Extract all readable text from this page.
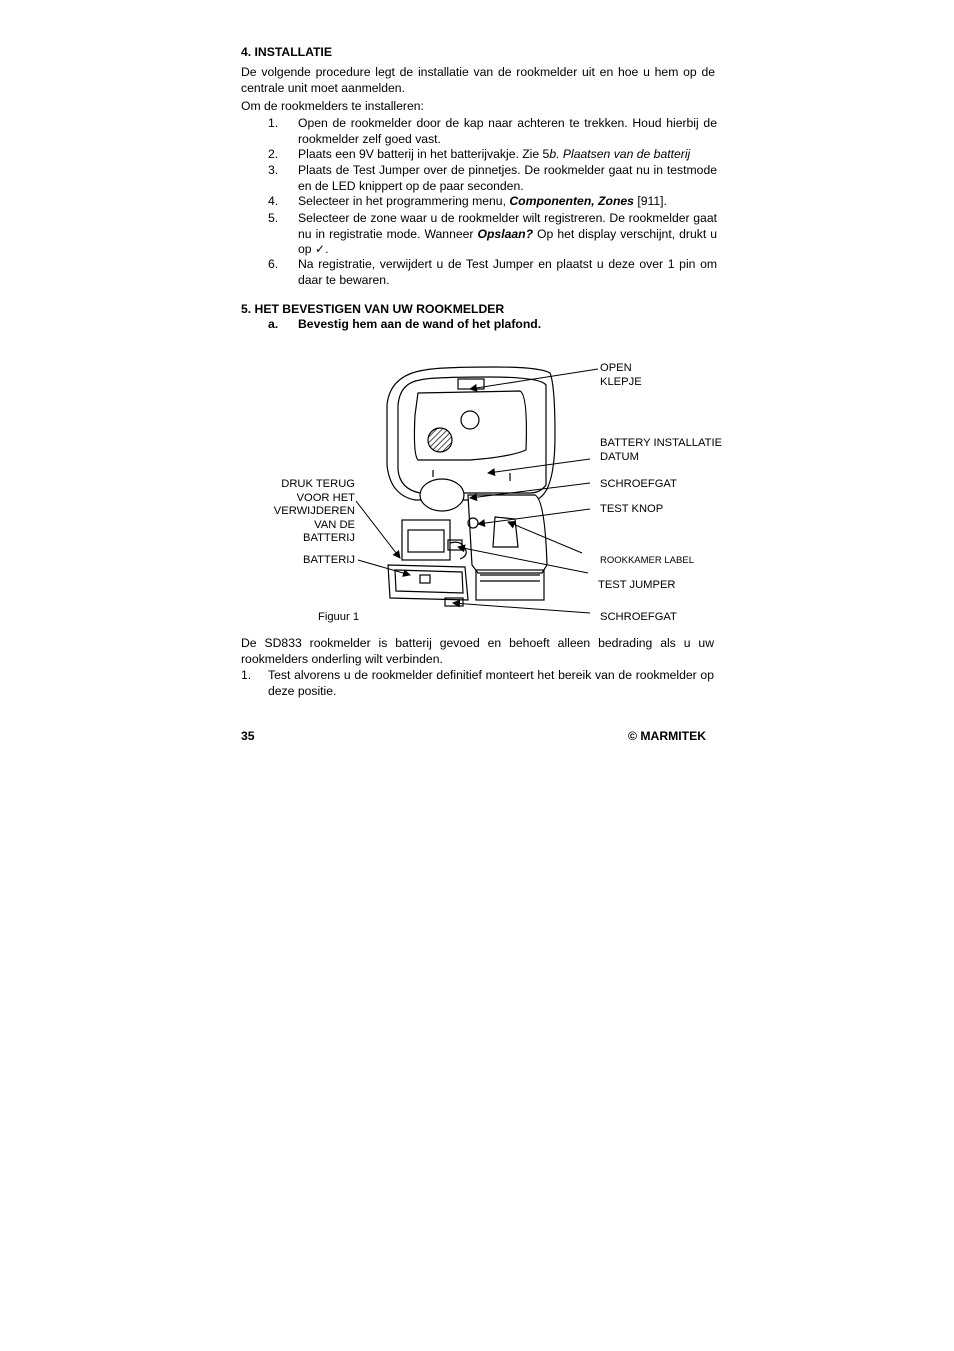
4. INSTALLATIE
De volgende procedure legt de installatie van de rookmelder uit en hoe u hem op de centrale unit moet aanmelden.
Om de rookmelders te installeren:
1.	Open de rookmelder door de kap naar achteren te trekken. Houd hierbij de rookmelder zelf goed vast.
2.	Plaats een 9V batterij in het batterijvakje. Zie 5b. Plaatsen van de batterij
3.	Plaats de Test Jumper over de pinnetjes. De rookmelder gaat nu in testmode en de LED knippert op de paar seconden.
4.	Selecteer in het programmering menu, Componenten, Zones [911].
5.	Selecteer de zone waar u de rookmelder wilt registreren. De rookmelder gaat nu in registratie mode. Wanneer Opslaan? Op het display verschijnt, drukt u op ✓.
6.	Na registratie, verwijdert u de Test Jumper en plaatst u deze over 1 pin om daar te bewaren.
5. HET BEVESTIGEN VAN UW ROOKMELDER
a. Bevestig hem aan de wand of het plafond.
OPEN
KLEPJE
BATTERY INSTALLATIE
DATUM
SCHROEFGAT
TEST KNOP
ROOKKAMER LABEL
TEST JUMPER
SCHROEFGAT
DRUK TERUG
VOOR HET
VERWIJDEREN
VAN DE
BATTERIJ
BATTERIJ
Figuur 1
De SD833 rookmelder is batterij gevoed en behoeft alleen bedrading als u uw rookmelders onderling wilt verbinden.
1. Test alvorens u de rookmelder definitief monteert het bereik van de rookmelder op deze positie.
35	© MARMITEK
